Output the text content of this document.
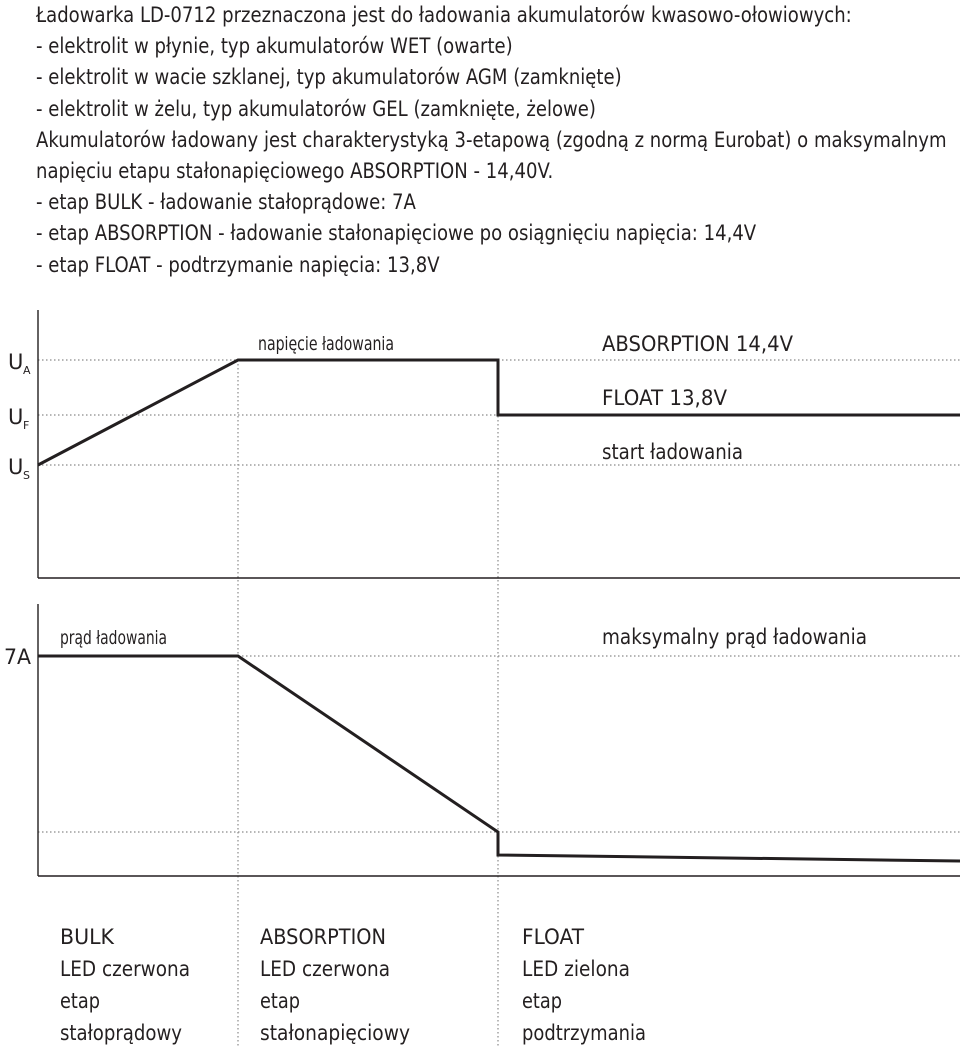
Ładowarka LD-0712 przeznaczona jest do ładowania akumulatorów kwasowo-ołowiowych:
- elektrolit w płynie, typ akumulatorów WET (owarte)
- elektrolit w wacie szklanej, typ akumulatorów AGM (zamknięte)
- elektrolit w żelu, typ akumulatorów GEL (zamknięte, żelowe)
Akumulatorów ładowany jest charakterystyką 3-etapową (zgodną z normą Eurobat) o maksymalnym
napięciu etapu stałonapięciowego ABSORPTION - 14,40V.
- etap BULK - ładowanie stałoprądowe: 7A
- etap ABSORPTION - ładowanie stałonapięciowe po osiągnięciu napięcia: 14,4V
- etap FLOAT - podtrzymanie napięcia: 13,8V
U A
U F
U S
napięcie ładowania	ABSORPTION 14,4V
FLOAT 13,8V
start ładowania
7A
prąd ładowania	maksymalny prąd ładowania
BULK
LED czerwona
etap
stałoprądowy
ABSORPTION
LED czerwona
etap
stałonapięciowy
FLOAT
LED zielona
etap
podtrzymania
